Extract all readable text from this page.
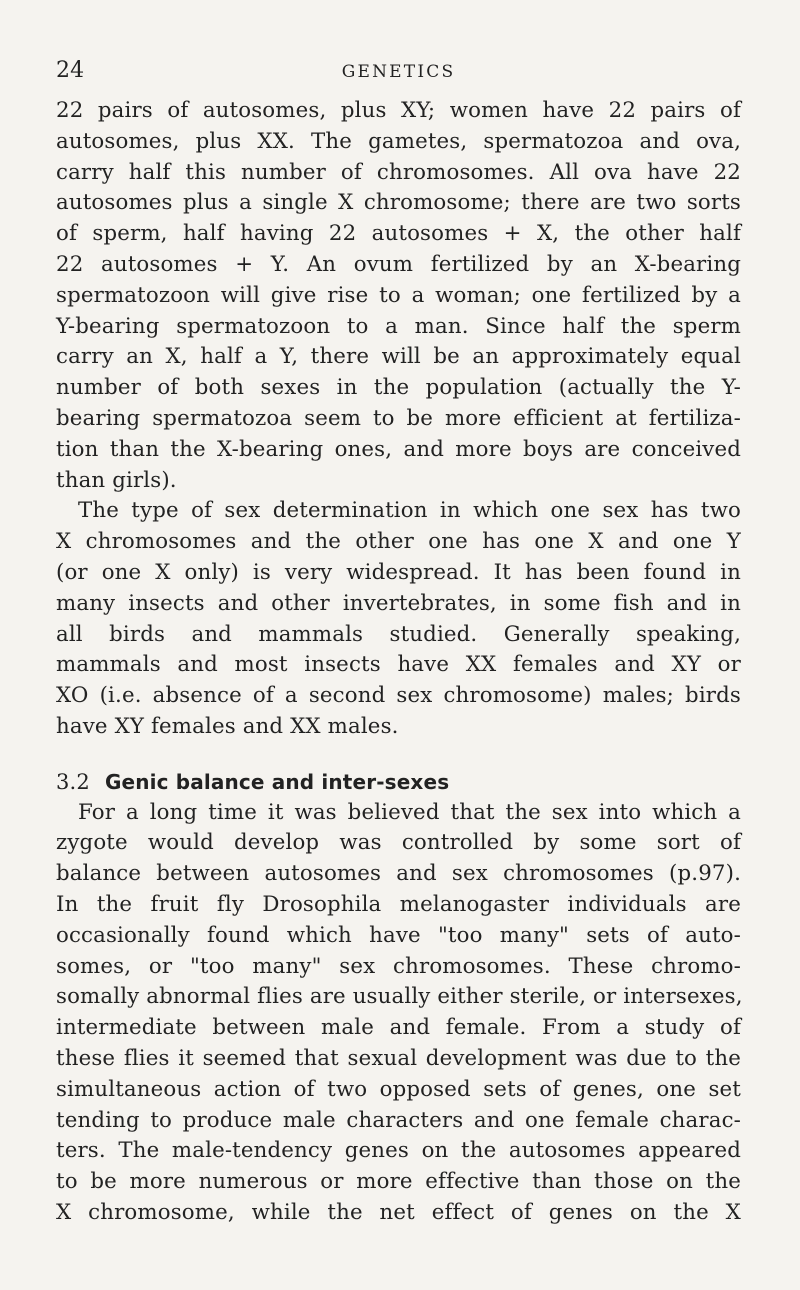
24	GENETICS
22 pairs of autosomes, plus XY; women have 22 pairs of
autosomes, plus XX. The gametes, spermatozoa and ova,
carry half this number of chromosomes. All ova have 22
autosomes plus a single X chromosome; there are two sorts
of sperm, half having 22 autosomes + X, the other half
22 autosomes + Y. An ovum fertilized by an X-bearing
spermatozoon will give rise to a woman; one fertilized by a
Y-bearing spermatozoon to a man. Since half the sperm
carry an X, half a Y, there will be an approximately equal
number of both sexes in the population (actually the Y-
bearing spermatozoa seem to be more efficient at fertiliza-
tion than the X-bearing ones, and more boys are conceived
than girls).
The type of sex determination in which one sex has two
X chromosomes and the other one has one X and one Y
(or one X only) is very widespread. It has been found in
many insects and other invertebrates, in some fish and in
all birds and mammals studied. Generally speaking,
mammals and most insects have XX females and XY or
XO (i.e. absence of a second sex chromosome) males; birds
have XY females and XX males.
3.2 Genic balance and inter-sexes
For a long time it was believed that the sex into which a
zygote would develop was controlled by some sort of
balance between autosomes and sex chromosomes (p.97).
In the fruit fly Drosophila melanogaster individuals are
occasionally found which have "too many" sets of auto-
somes, or "too many" sex chromosomes. These chromo-
somally abnormal flies are usually either sterile, or intersexes,
intermediate between male and female. From a study of
these flies it seemed that sexual development was due to the
simultaneous action of two opposed sets of genes, one set
tending to produce male characters and one female charac-
ters. The male-tendency genes on the autosomes appeared
to be more numerous or more effective than those on the
X chromosome, while the net effect of genes on the X
